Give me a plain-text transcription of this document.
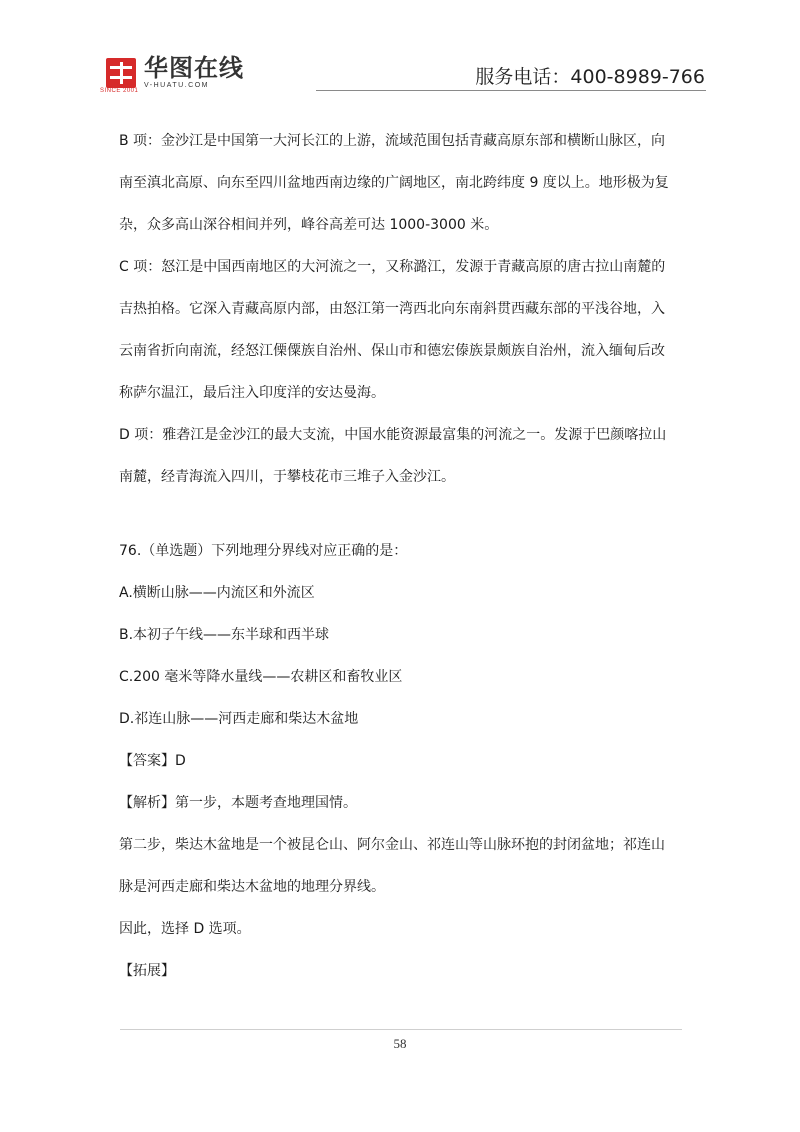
华图在线
V-HUATU.COM
SINCE 2001
服务电话：400-8989-766
B 项：金沙江是中国第一大河长江的上游，流域范围包括青藏高原东部和横断山脉区，向
南至滇北高原、向东至四川盆地西南边缘的广阔地区，南北跨纬度 9 度以上。地形极为复
杂，众多高山深谷相间并列，峰谷高差可达 1000-3000 米。
C 项：怒江是中国西南地区的大河流之一，又称潞江，发源于青藏高原的唐古拉山南麓的
吉热拍格。它深入青藏高原内部，由怒江第一湾西北向东南斜贯西藏东部的平浅谷地，入
云南省折向南流，经怒江傈僳族自治州、保山市和德宏傣族景颇族自治州，流入缅甸后改
称萨尔温江，最后注入印度洋的安达曼海。
D 项：雅砻江是金沙江的最大支流，中国水能资源最富集的河流之一。发源于巴颜喀拉山
南麓，经青海流入四川，于攀枝花市三堆子入金沙江。
76.（单选题）下列地理分界线对应正确的是：
A.横断山脉——内流区和外流区
B.本初子午线——东半球和西半球
C.200 毫米等降水量线——农耕区和畜牧业区
D.祁连山脉——河西走廊和柴达木盆地
【答案】D
【解析】第一步，本题考查地理国情。
第二步，柴达木盆地是一个被昆仑山、阿尔金山、祁连山等山脉环抱的封闭盆地；祁连山
脉是河西走廊和柴达木盆地的地理分界线。
因此，选择 D 选项。
【拓展】
58
